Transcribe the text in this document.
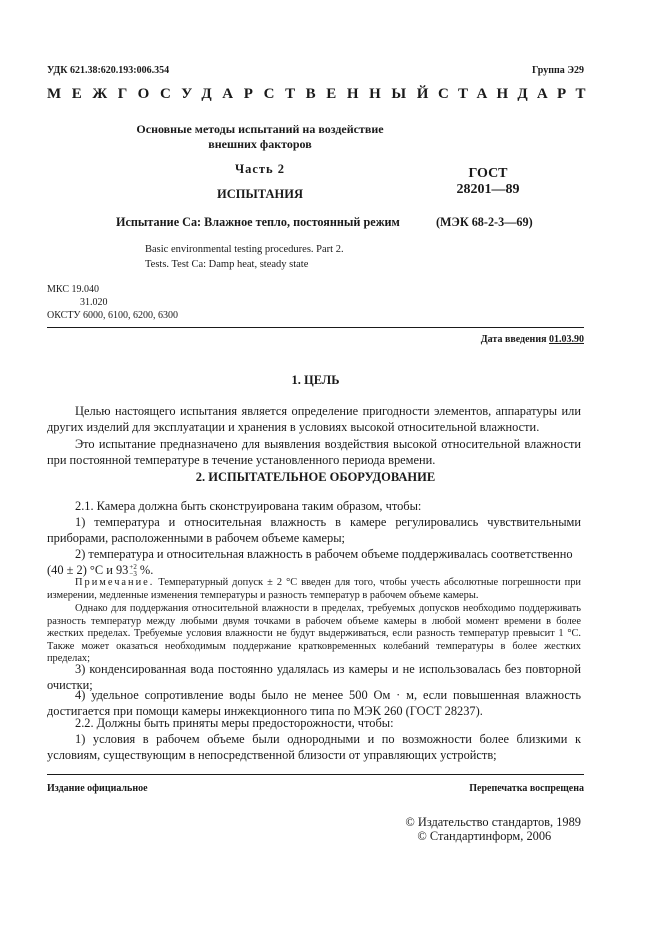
УДК 621.38:620.193:006.354	Группа Э29
МЕЖГОСУДАРСТВЕННЫЙ
СТАНДАРТ
Основные методы испытаний на воздействие
внешних факторов
Часть 2
ИСПЫТАНИЯ
Испытание Са: Влажное тепло, постоянный режим
Basic environmental testing procedures. Part 2.
Tests. Test Ca: Damp heat, steady state
ГОСТ
28201—89
(МЭК 68-2-3—69)
МКС 19.040
31.020
ОКСТУ 6000, 6100, 6200, 6300
Дата введения 01.03.90
1. ЦЕЛЬ
Целью настоящего испытания является определение пригодности элементов, аппаратуры или других изделий для эксплуатации и хранения в условиях высокой относительной влажности.
Это испытание предназначено для выявления воздействия высокой относительной влажности при постоянной температуре в течение установленного периода времени.
2. ИСПЫТАТЕЛЬНОЕ ОБОРУДОВАНИЕ
2.1. Камера должна быть сконструирована таким образом, чтобы:
1) температура и относительная влажность в камере регулировались чувствительными приборами, расположенными в рабочем объеме камеры;
2) температура и относительная влажность в рабочем объеме поддерживалась соответственно
(40 ± 2) °С и 93 +2
−3 %.
Примечание. Температурный допуск ± 2 °С введен для того, чтобы учесть абсолютные погрешности при измерении, медленные изменения температуры и разность температур в рабочем объеме камеры.
Однако для поддержания относительной влажности в пределах, требуемых допусков необходимо поддерживать разность температур между любыми двумя точками в рабочем объеме камеры в любой момент времени в более жестких пределах. Требуемые условия влажности не будут выдерживаться, если разность температур превысит 1 °С. Также может оказаться необходимым поддержание кратковременных колебаний температуры в более жестких пределах;
3) конденсированная вода постоянно удалялась из камеры и не использовалась без повторной очистки;
4) удельное сопротивление воды было не менее 500 Ом · м, если повышенная влажность достигается при помощи камеры инжекционного типа по МЭК 260 (ГОСТ 28237).
2.2. Должны быть приняты меры предосторожности, чтобы:
1) условия в рабочем объеме были однородными и по возможности более близкими к условиям, существующим в непосредственной близости от управляющих устройств;
Издание официальное	Перепечатка воспрещена
© Издательство стандартов, 1989
© Стандартинформ, 2006
